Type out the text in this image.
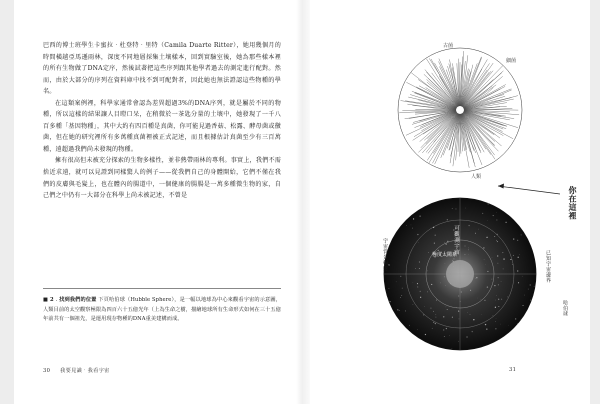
巴西的博士班學生卡蜜拉‧杜登特‧里特（Camila Duarte Ritter），她用幾個月的時間橫越亞馬遜雨林，深度不同地層採集土壤樣本，回到實驗室後，她為那些樣本裡的所有生物做了DNA定序，然後試著把這些序列跟其他學者過去的測定進行配對。然而，由於大部分的序列在資料庫中找不到可配對者，因此她也無法證認這些物種的學名。

在這類案例裡，科學家通常會認為差異超過3%的DNA序列，就是屬於不同的物種，所以這樣的結果讓人目瞪口呆，在稍微於一茶匙分量的土壤中，她發現了一千八百多種「基因物種」，其中大約有四百種是真菌，你可能見過香菇、松露、酵母菌或黴菌，但在她的研究裡所有多萬種真菌裡被正式記述，而且根據估計真菌至少有三百萬種，遠超過我們尚未發現的物種。

擁有很高但未被充分探索的生物多樣性，並非熱帶雨林的專利。事實上，我們不需捨近求遠，就可以見證到同樣驚人的例子——從我們自己的身體開始，它們不僅在我們的皮膚與毛髮上，也在體內的腸道中，一個健康的腸腸是一萬多種微生物的家，自己們之中仍有一大部分在科學上尚未被記述，不曾是

■ 2 . 找到我們的位置 下頁哈伯球（Hubble Sphere），是一幅以地球為中心來觀看宇宙的示意圖，人類目前的太空觀察極限為四百六十五億光年（上為生命之樹，描繪地球所有生命形式如何在三十五億年前共有一個祖先，是運用現存物種的DNA重美建構而成。
30 我要見識‧我看宇宙	31
古菌
細菌
人類
極度太陽系
你在這裡
可觀測宇宙
宇宙背景輻射	已知宇宙邊界
哈伯球
